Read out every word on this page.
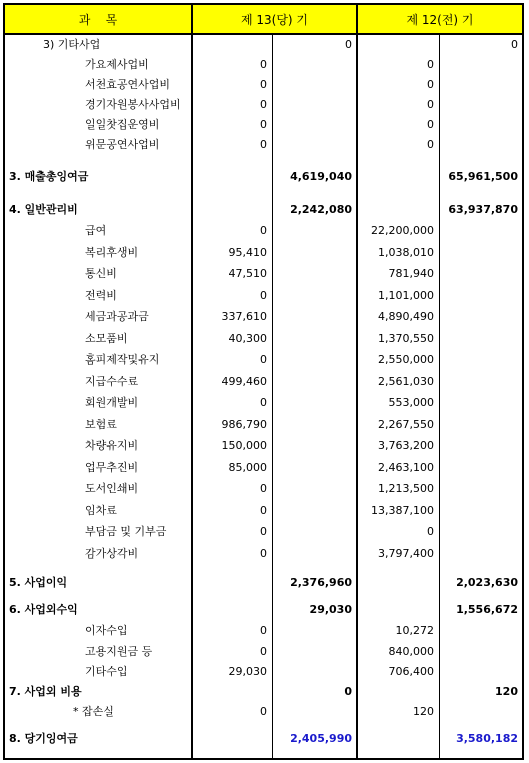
과    목	제 13(당) 기	제 12(전) 기
3) 기타사업	0	0
가요제사업비	0	0
서천효공연사업비	0	0
경기자원봉사사업비	0	0
일일찻집운영비	0	0
위문공연사업비	0	0
3. 매출총잉여금	4,619,040	65,961,500
4. 일반관리비	2,242,080	63,937,870
급여	0	22,200,000
복리후생비	95,410	1,038,010
통신비	47,510	781,940
전력비	0	1,101,000
세금과공과금	337,610	4,890,490
소모품비	40,300	1,370,550
홈피제작및유지	0	2,550,000
지급수수료	499,460	2,561,030
회원개발비	0	553,000
보험료	986,790	2,267,550
차량유지비	150,000	3,763,200
업무추진비	85,000	2,463,100
도서인쇄비	0	1,213,500
임차료	0	13,387,100
부담금 및 기부금	0	0
감가상각비	0	3,797,400
5. 사업이익	2,376,960	2,023,630
6. 사업외수익	29,030	1,556,672
이자수입	0	10,272
고용지원금 등	0	840,000
기타수입	29,030	706,400
7. 사업외 비용	0	120
* 잡손실	0	120
8. 당기잉여금	2,405,990	3,580,182
